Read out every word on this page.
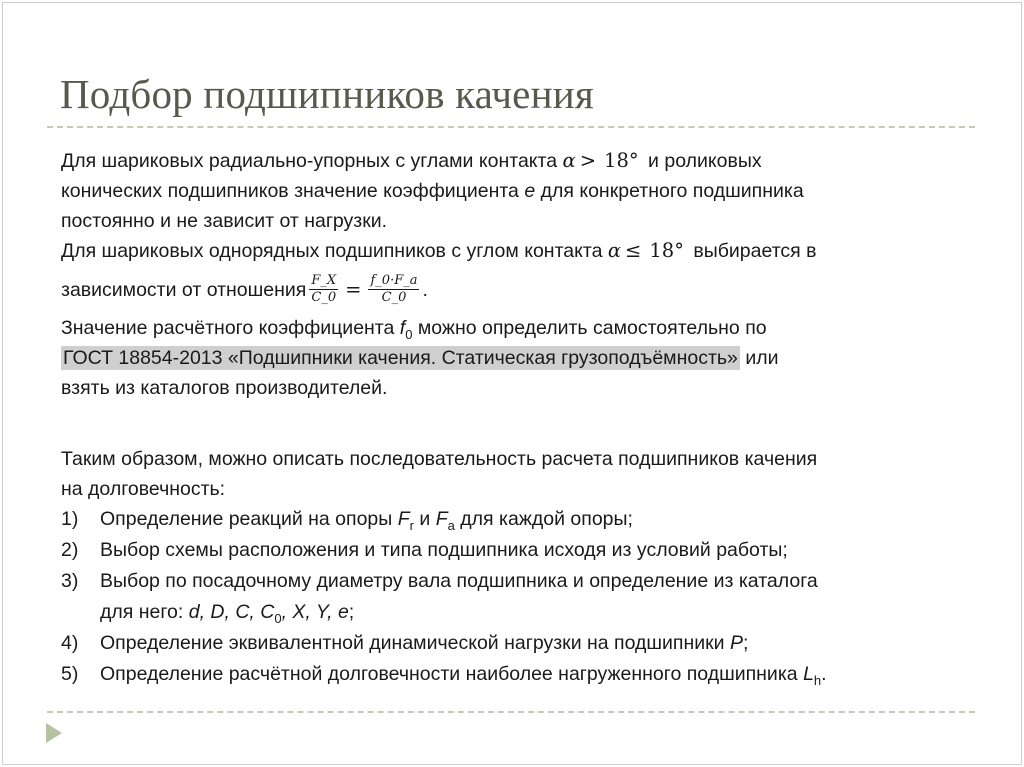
Подбор подшипников качения
Для шариковых радиально-упорных с углами контакта α > 18° и роликовых
конических подшипников значение коэффициента е для конкретного подшипника
постоянно и не зависит от нагрузки.
Для шариковых однорядных подшипников с углом контакта α ≤ 18° выбирается в
зависимости от отношения $\frac{F\_X}{C\_0} = \frac{f\_0\cdot F\_a}{C\_0}$ .
Значение расчётного коэффициента $f_0$ можно определить самостоятельно по
ГОСТ 18854-2013 «Подшипники качения. Статическая грузоподъёмность» или
взять из каталогов производителей.
Таким образом, можно описать последовательность расчета подшипников качения
на долговечность:
1)	Определение реакций на опоры $F_r$ и $F_a$ для каждой опоры;
2)	Выбор схемы расположения и типа подшипника исходя из условий работы;
3)	Выбор по посадочному диаметру вала подшипника и определение из каталога
для него: d, D, C, $C_0$, X, Y, e;
4)	Определение эквивалентной динамической нагрузки на подшипники P;
5)	Определение расчётной долговечности наиболее нагруженного подшипника $L_h$.
